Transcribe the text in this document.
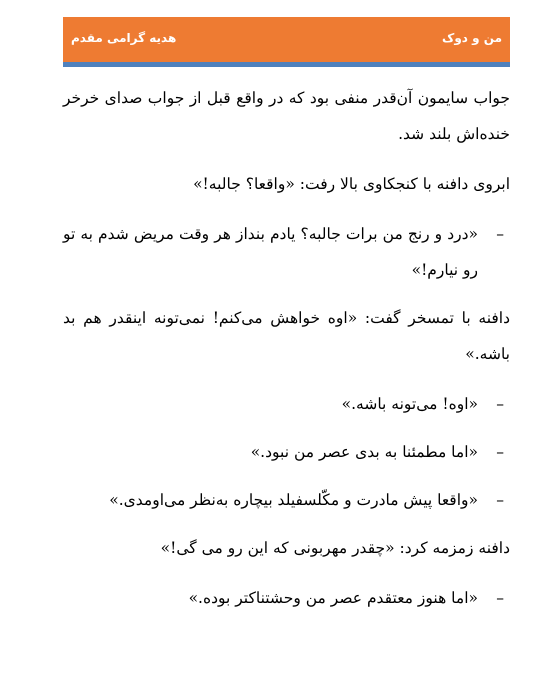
من و دوک
هدیه گرامی مقدم

جواب سایمون آن‌قدر منفی بود که در واقع قبل از جواب صدای خرخر خنده‌اش بلند شد.

ابروی دافنه با کنجکاوی بالا رفت: «واقعا؟ جالبه!»

–
«درد و رنج من برات جالبه؟ یادم بنداز هر وقت مریض شدم به تو رو نیارم!»

دافنه با تمسخر گفت: «اوه خواهش می‌کنم! نمی‌تونه اینقدر هم بد باشه.»

–
«اوه! می‌تونه باشه.»
–
«اما مطمئنا به بدی عصر من نبود.»
–
«واقعا پیش مادرت و مکّلسفیلد بیچاره به‌نظر می‌اومدی.»

دافنه زمزمه کرد: «چقدر مهربونی که این رو می گی!»

–
«اما هنوز معتقدم عصر من وحشتناکتر بوده.»
